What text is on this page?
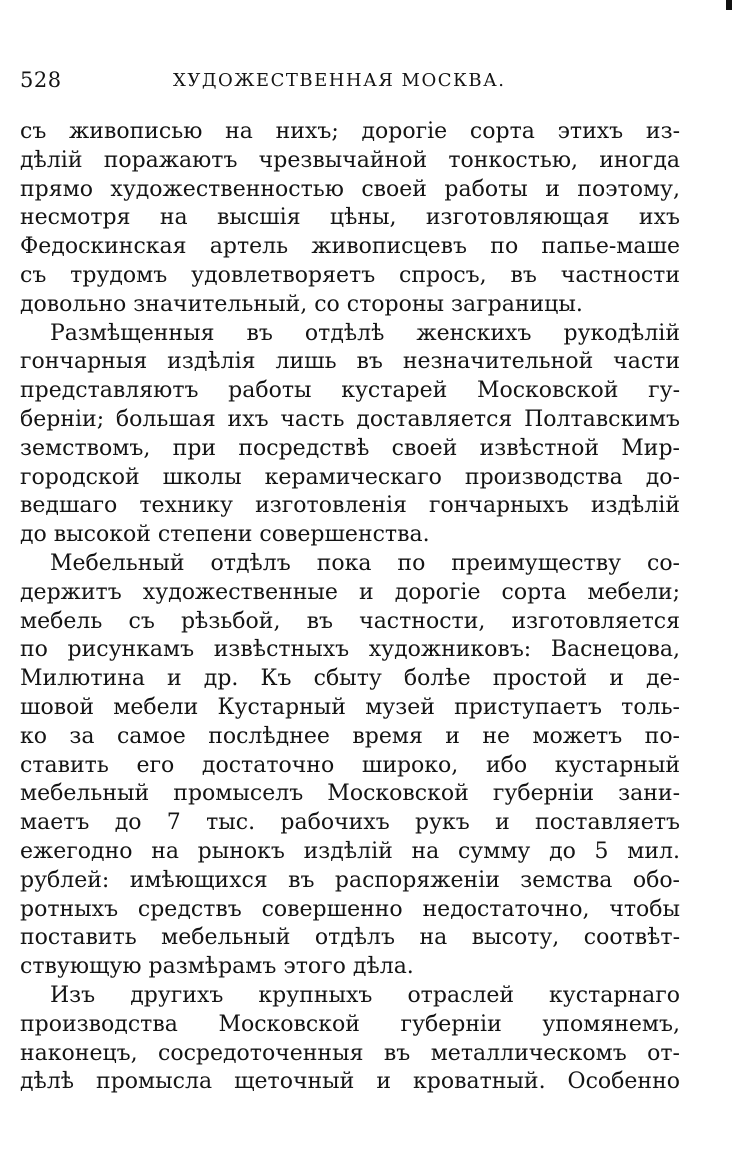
528	ХУДОЖЕСТВЕННАЯ МОСКВА.
съ живописью на нихъ; дорогіе сорта этихъ из-
дѣлій поражаютъ чрезвычайной тонкостью, иногда
прямо художественностью своей работы и поэтому,
несмотря на высшія цѣны, изготовляющая ихъ
Федоскинская артель живописцевъ по папье-маше
съ трудомъ удовлетворяетъ спросъ, въ частности
довольно значительный, со стороны заграницы.
Размѣщенныя въ отдѣлѣ женскихъ рукодѣлій
гончарныя издѣлія лишь въ незначительной части
представляютъ работы кустарей Московской гу-
берніи; большая ихъ часть доставляется Полтавскимъ
земствомъ, при посредствѣ своей извѣстной Мир-
городской школы керамическаго производства до-
ведшаго технику изготовленія гончарныхъ издѣлій
до высокой степени совершенства.
Мебельный отдѣлъ пока по преимуществу со-
держитъ художественные и дорогіе сорта мебели;
мебель съ рѣзьбой, въ частности, изготовляется
по рисункамъ извѣстныхъ художниковъ: Васнецова,
Милютина и др. Къ сбыту болѣе простой и де-
шовой мебели Кустарный музей приступаетъ толь-
ко за самое послѣднее время и не можетъ по-
ставить его достаточно широко, ибо кустарный
мебельный промыселъ Московской губерніи зани-
маетъ до 7 тыс. рабочихъ рукъ и поставляетъ
ежегодно на рынокъ издѣлій на сумму до 5 мил.
рублей: имѣющихся въ распоряженіи земства обо-
ротныхъ средствъ совершенно недостаточно, чтобы
поставить мебельный отдѣлъ на высоту, соотвѣт-
ствующую размѣрамъ этого дѣла.
Изъ другихъ крупныхъ отраслей кустарнаго
производства Московской губерніи упомянемъ,
наконецъ, сосредоточенныя въ металлическомъ от-
дѣлѣ промысла щеточный и кроватный. Особенно
